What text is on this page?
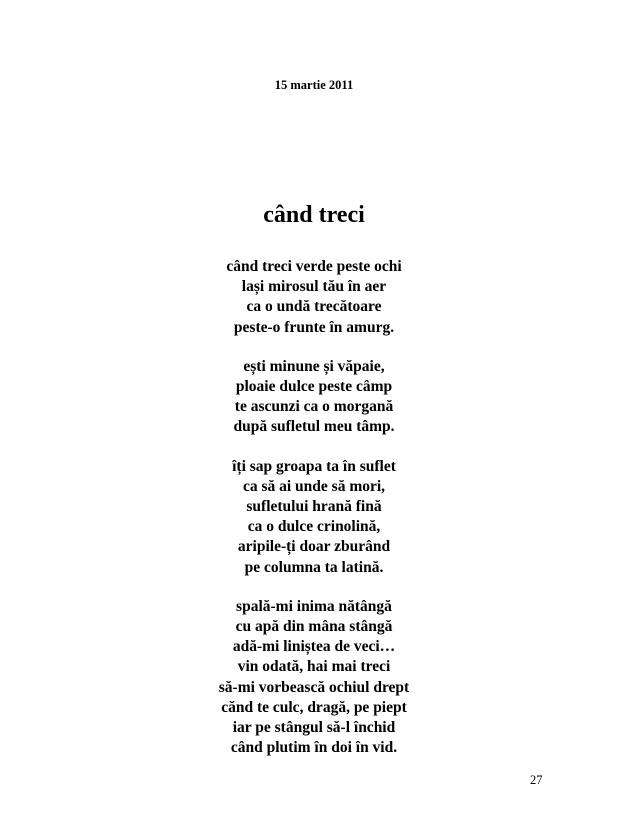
15 martie 2011
când treci
când treci verde peste ochi
lași mirosul tău în aer
ca o undă trecătoare
peste-o frunte în amurg.
ești minune și văpaie,
ploaie dulce peste câmp
te ascunzi ca o morgană
după sufletul meu tâmp.
îți sap groapa ta în suflet
ca să ai unde să mori,
sufletului hrană fină
ca o dulce crinolină,
aripile-ți doar zburând
pe columna ta latină.
spală-mi inima nătângă
cu apă din mâna stângă
adă-mi liniștea de veci…
vin odată, hai mai treci
să-mi vorbească ochiul drept
cănd te culc, dragă, pe piept
iar pe stângul să-l închid
când plutim în doi în vid.
27
